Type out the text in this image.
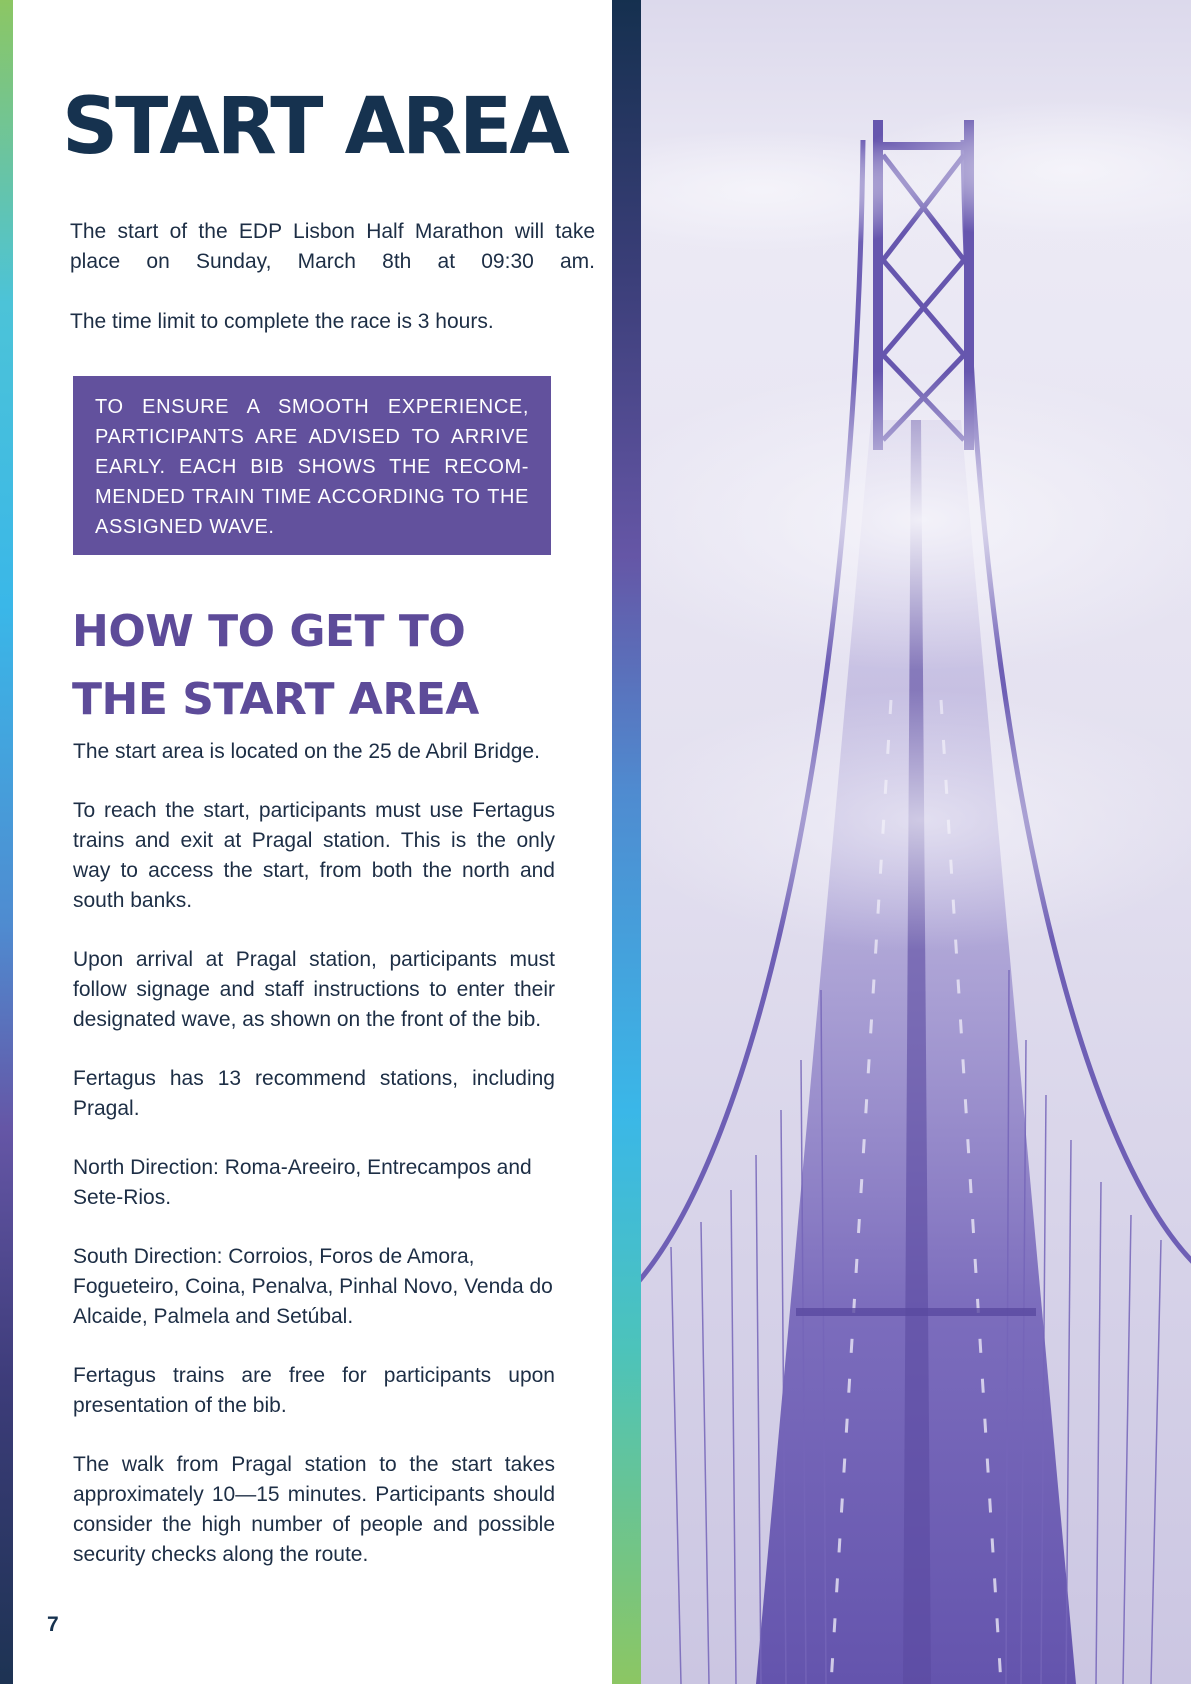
START AREA

The start of the EDP Lisbon Half Marathon will take place on Sunday, March 8th at 09:30 am.

The time limit to complete the race is 3 hours.

TO ENSURE A SMOOTH EXPERIENCE, PARTICIPANTS ARE ADVISED TO ARRIVE EARLY. EACH BIB SHOWS THE RECOM-MENDED TRAIN TIME ACCORDING TO THE ASSIGNED WAVE.

HOW TO GET TO
THE START AREA

The start area is located on the 25 de Abril Bridge.

To reach the start, participants must use Fertagus trains and exit at Pragal station. This is the only way to access the start, from both the north and south banks.

Upon arrival at Pragal station, participants must follow signage and staff instructions to enter their designated wave, as shown on the front of the bib.

Fertagus has 13 recommend stations, including Pragal.

North Direction: Roma-Areeiro, Entrecampos and Sete-Rios.

South Direction: Corroios, Foros de Amora, Fogueteiro, Coina, Penalva, Pinhal Novo, Venda do Alcaide, Palmela and Setúbal.

Fertagus trains are free for participants upon presentation of the bib.

The walk from Pragal station to the start takes approximately 10—15 minutes. Participants should consider the high number of people and possible security checks along the route.

7
